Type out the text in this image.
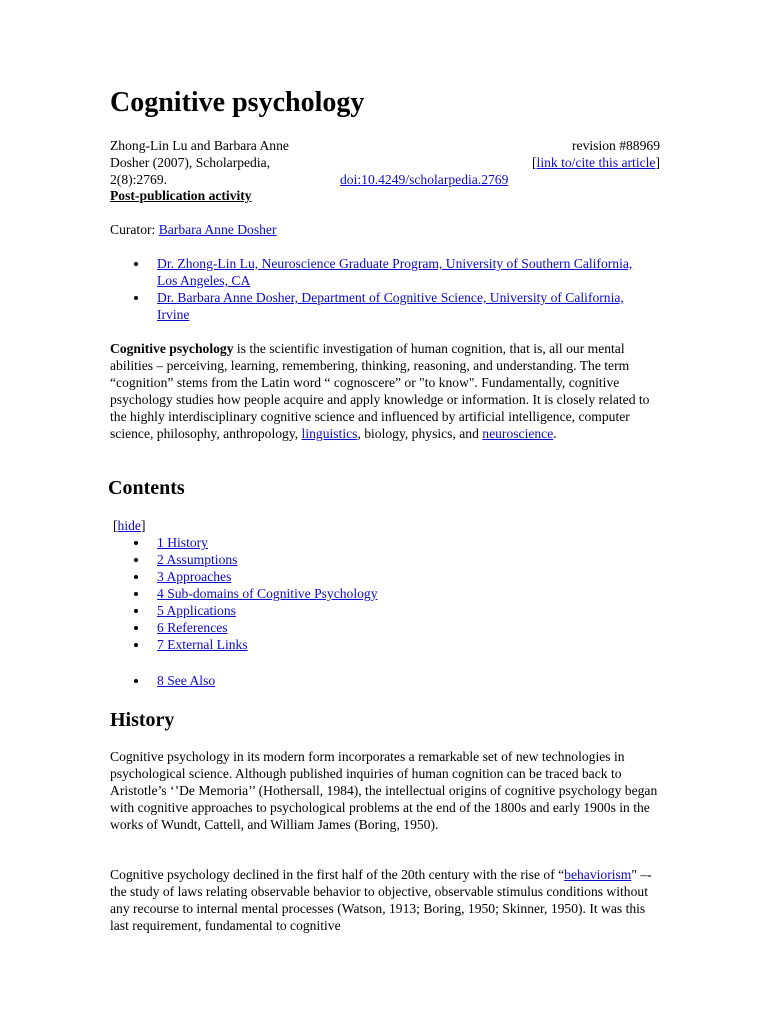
Cognitive psychology
Zhong-Lin Lu and Barbara Anne Dosher (2007), Scholarpedia, 2(8):2769.	doi:10.4249/scholarpedia.2769
revision #88969
[link to/cite this article]
Post-publication activity
Curator: Barbara Anne Dosher
Dr. Zhong-Lin Lu, Neuroscience Graduate Program, University of Southern California, Los Angeles, CA
Dr. Barbara Anne Dosher, Department of Cognitive Science, University of California, Irvine

Cognitive psychology is the scientific investigation of human cognition, that is, all our mental abilities – perceiving, learning, remembering, thinking, reasoning, and understanding. The term “cognition” stems from the Latin word “ cognoscere” or "to know". Fundamentally, cognitive psychology studies how people acquire and apply knowledge or information. It is closely related to the highly interdisciplinary cognitive science and influenced by artificial intelligence, computer science, philosophy, anthropology, linguistics, biology, physics, and neuroscience.

Contents
[hide]
1 History
2 Assumptions
3 Approaches
4 Sub-domains of Cognitive Psychology
5 Applications
6 References
7 External Links
8 See Also
History

Cognitive psychology in its modern form incorporates a remarkable set of new technologies in psychological science. Although published inquiries of human cognition can be traced back to Aristotle’s ‘’De Memoria’’ (Hothersall, 1984), the intellectual origins of cognitive psychology began with cognitive approaches to psychological problems at the end of the 1800s and early 1900s in the works of Wundt, Cattell, and William James (Boring, 1950).

Cognitive psychology declined in the first half of the 20th century with the rise of “behaviorism" –- the study of laws relating observable behavior to objective, observable stimulus conditions without any recourse to internal mental processes (Watson, 1913; Boring, 1950; Skinner, 1950). It was this last requirement, fundamental to cognitive
